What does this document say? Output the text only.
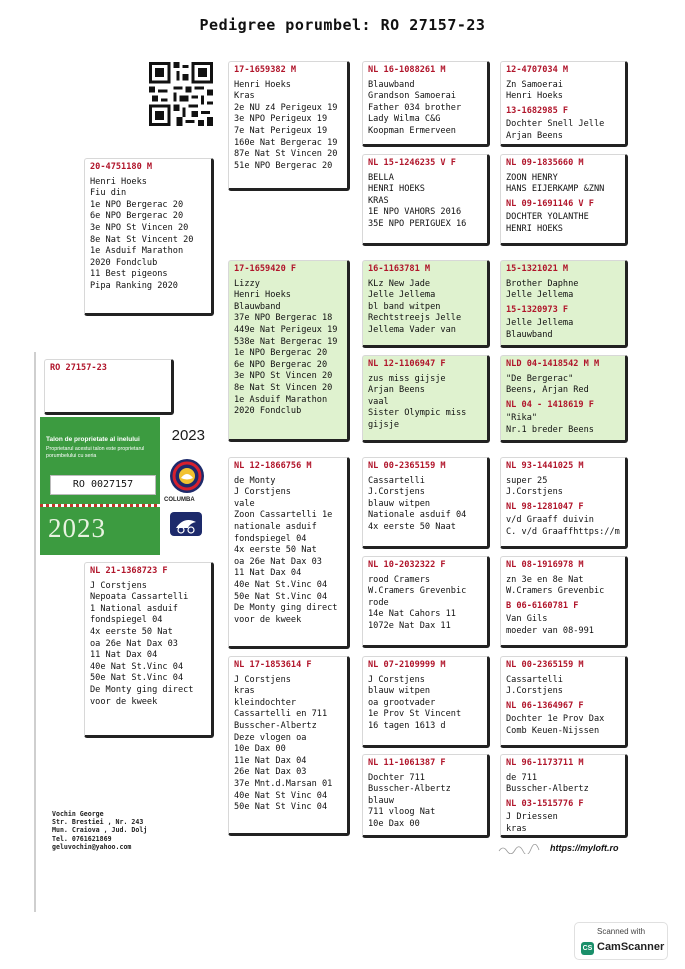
Pedigree porumbel: RO 27157-23
17-1659382 M
Henri Hoeks
Kras
2e NU z4 Perigeux 19
3e NPO Perigeux 19
7e Nat Perigeux 19
160e Nat Bergerac 19
87e Nat St Vincen 20
51e NPO Bergerac 20
20-4751180 M
Henri Hoeks
Fiu din
1e NPO Bergerac 20
6e NPO Bergerac 20
3e NPO St Vincen 20
8e Nat St Vincent 20
1e Asduif Marathon
2020 Fondclub
11 Best pigeons
Pipa Ranking 2020
NL 16-1088261 M
Blauwband
Grandson Samoerai
Father 034 brother
Lady Wilma C&G
Koopman Ermerveen
NL 15-1246235 V F
BELLA
HENRI HOEKS
KRAS
1E NPO VAHORS 2016
35E NPO PERIGUEX 16
12-4707034 M
Zn Samoerai
Henri Hoeks
13-1682985 F
Dochter Snell Jelle
Arjan Beens
NL 09-1835660 M
ZOON HENRY
HANS EIJERKAMP &ZNN
NL 09-1691146 V F
DOCHTER YOLANTHE
HENRI HOEKS
17-1659420 F
Lizzy
Henri Hoeks
Blauwband
37e NPO Bergerac 18
449e Nat Perigeux 19
538e Nat Bergerac 19
1e NPO Bergerac 20
6e NPO Bergerac 20
3e NPO St Vincen 20
8e Nat St Vincen 20
1e Asduif Marathon
2020 Fondclub
16-1163781 M
KLz New Jade
Jelle Jellema
bl band witpen
Rechtstreejs Jelle
Jellema Vader van
NL 12-1106947 F
zus miss gijsje
Arjan Beens
vaal
Sister Olympic miss
gijsje
15-1321021 M
Brother Daphne
Jelle Jellema
15-1320973 F
Jelle Jellema
Blauwband
NLD 04-1418542 M M
"De Bergerac"
Beens, Arjan Red
NL 04 - 1418619 F
"Rika"
Nr.1 breder Beens
RO 27157-23
NL 12-1866756 M
de Monty
J Corstjens
vale
Zoon Cassartelli 1e
nationale asduif
fondspiegel 04
4x eerste 50 Nat
oa 26e Nat Dax 03
11 Nat Dax 04
40e Nat St.Vinc 04
50e Nat St.Vinc 04
De Monty ging direct
voor de kweek
NL 00-2365159 M
Cassartelli
J.Corstjens
blauw witpen
Nationale asduif 04
4x eerste 50 Naat
NL 10-2032322 F
rood Cramers
W.Cramers Grevenbic
rode
14e Nat Cahors 11
1072e Nat Dax 11
NL 93-1441025 M
super 25
J.Corstjens
NL 98-1281047 F
v/d Graaff duivin
C. v/d Graaffhttps://m
NL 08-1916978 M
zn 3e en 8e Nat
W.Cramers Grevenbic
B 06-6160781 F
Van Gils
moeder van 08-991
NL 21-1368723 F
J Corstjens
Nepoata Cassartelli
1 National asduif
fondspiegel 04
4x eerste 50 Nat
oa 26e Nat Dax 03
11 Nat Dax 04
40e Nat St.Vinc 04
50e Nat St.Vinc 04
De Monty ging direct
voor de kweek
NL 17-1853614 F
J Corstjens
kras
kleindochter
Cassartelli en 711
Busscher-Albertz
Deze vlogen oa
10e Dax 00
11e Nat Dax 04
26e Nat Dax 03
37e Mnt.d.Marsan 01
40e Nat St Vinc 04
50e Nat St Vinc 04
NL 07-2109999 M
J Corstjens
blauw witpen
oa grootvader
1e Prov St Vincent
16 tagen 1613 d
NL 11-1061387 F
Dochter 711
Busscher-Albertz
blauw
711 vloog Nat
10e Dax 00
NL 00-2365159 M
Cassartelli
J.Corstjens
NL 06-1364967 F
Dochter 1e Prov Dax
Comb Keuen-Nijssen
NL 96-1173711 M
de 711
Busscher-Albertz
NL 03-1515776 F
J Driessen
kras
Talon de proprietate al inelului
Proprietarul acestui talon este proprietarul porumbelului cu seria
2023
COLUMBA
RO 0027157
2023
Vochin George
Str. Brestiei , Nr. 243
Mun. Craiova , Jud. Dolj
Tel. 0761621869
geluvochin@yahoo.com	https://myloft.ro
Scanned with
CS CamScanner
